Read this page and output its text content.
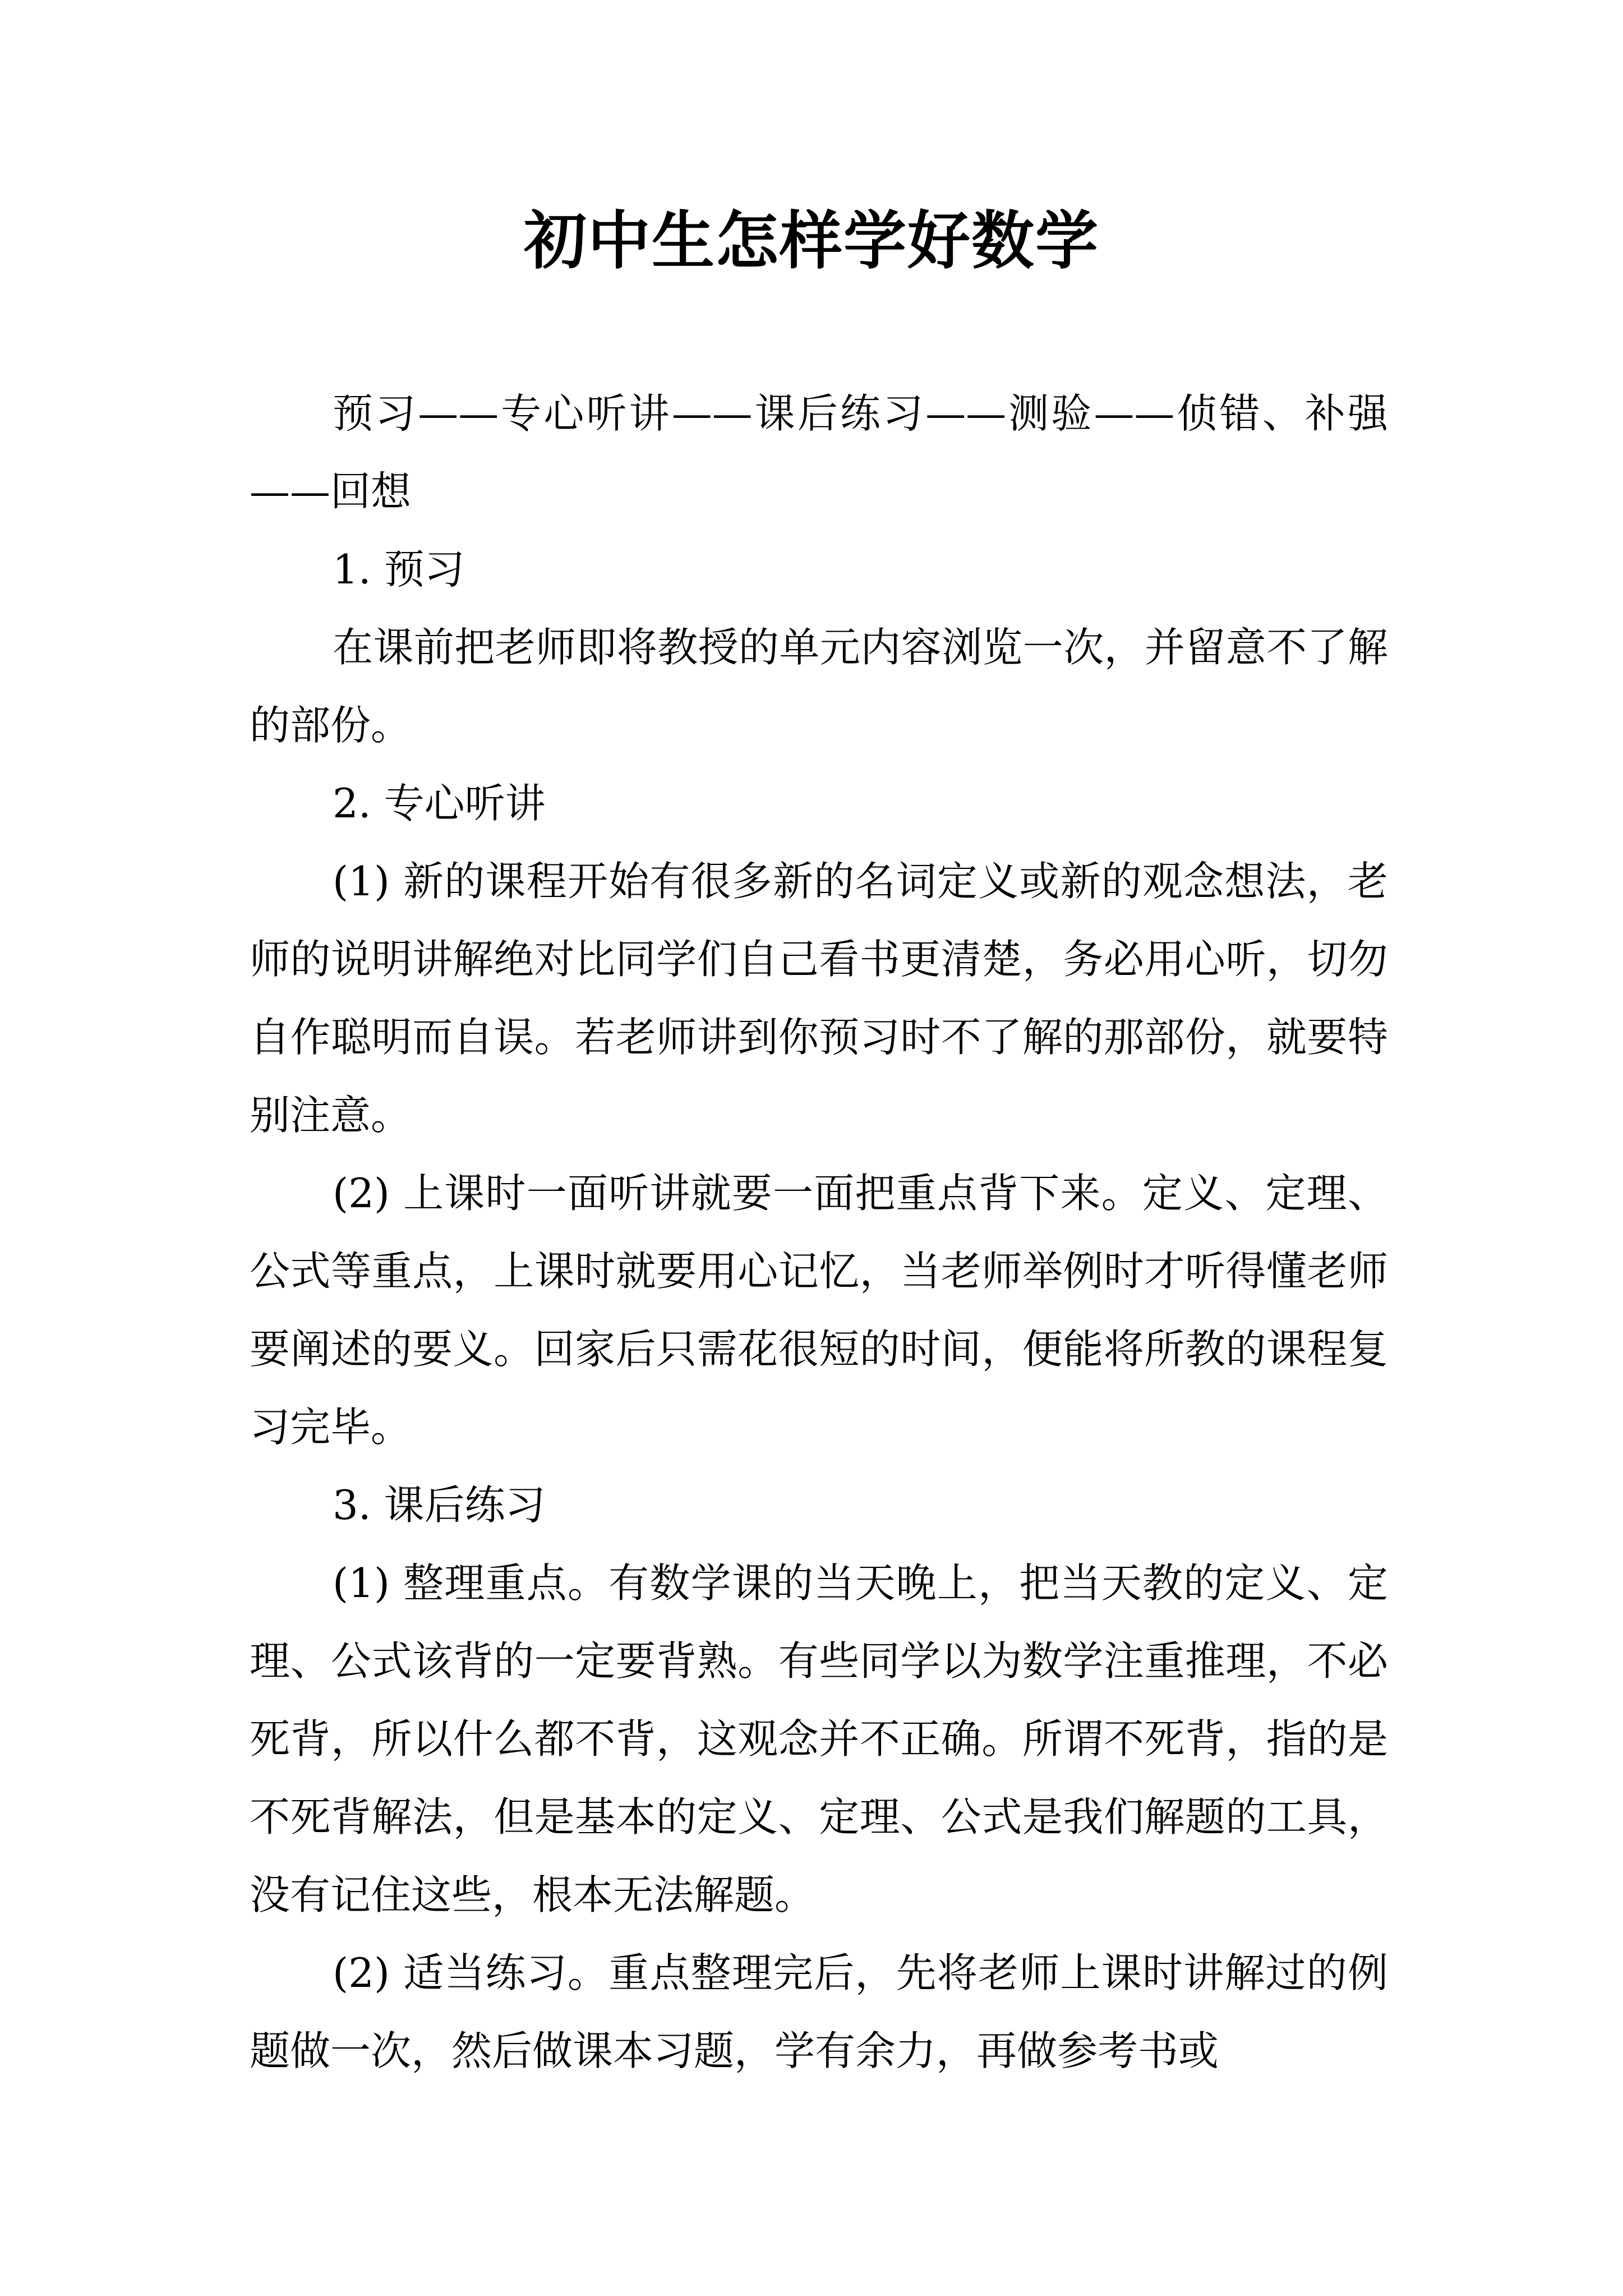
初中生怎样学好数学

预习——专心听讲——课后练习——测验——侦错、补强——回想

1. 预习

在课前把老师即将教授的单元内容浏览一次，并留意不了解的部份。

2. 专心听讲

(1) 新的课程开始有很多新的名词定义或新的观念想法，老师的说明讲解绝对比同学们自己看书更清楚，务必用心听，切勿自作聪明而自误。若老师讲到你预习时不了解的那部份，就要特别注意。

(2) 上课时一面听讲就要一面把重点背下来。定义、定理、公式等重点，上课时就要用心记忆，当老师举例时才听得懂老师要阐述的要义。回家后只需花很短的时间，便能将所教的课程复习完毕。

3. 课后练习

(1) 整理重点。有数学课的当天晚上，把当天教的定义、定理、公式该背的一定要背熟。有些同学以为数学注重推理，不必死背，所以什么都不背，这观念并不正确。所谓不死背，指的是不死背解法，但是基本的定义、定理、公式是我们解题的工具，没有记住这些，根本无法解题。

(2) 适当练习。重点整理完后，先将老师上课时讲解过的例题做一次，然后做课本习题，学有余力，再做参考书或
